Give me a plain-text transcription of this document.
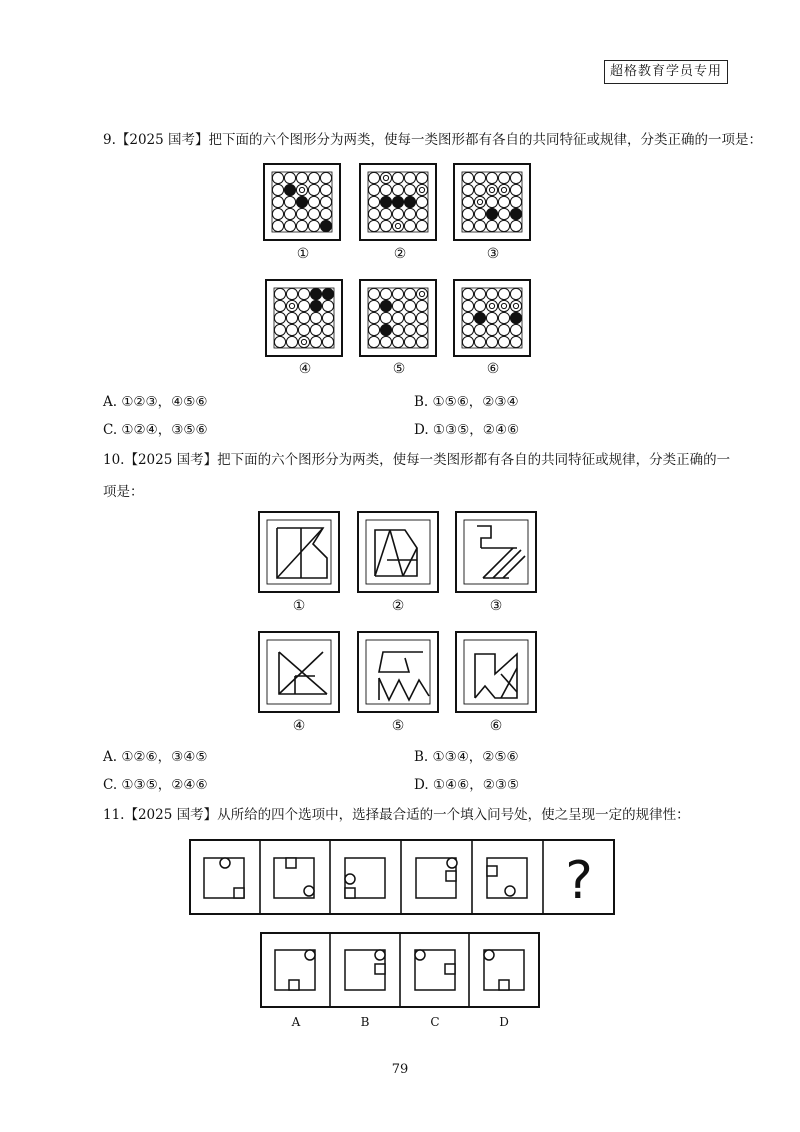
超格教育学员专用
9.【2025 国考】把下面的六个图形分为两类，使每一类图形都有各自的共同特征或规律，分类正确的一项是：
①	②	③
④	⑤	⑥
A. ①②③，④⑤⑥	B. ①⑤⑥，②③④
C. ①②④，③⑤⑥	D. ①③⑤，②④⑥
10.【2025 国考】把下面的六个图形分为两类，使每一类图形都有各自的共同特征或规律，分类正确的一
项是：
①	②	③
④	⑤	⑥
A. ①②⑥，③④⑤	B. ①③④，②⑤⑥
C. ①③⑤，②④⑥	D. ①④⑥，②③⑤
11.【2025 国考】从所给的四个选项中，选择最合适的一个填入问号处，使之呈现一定的规律性：
?
A	B	C	D
79
